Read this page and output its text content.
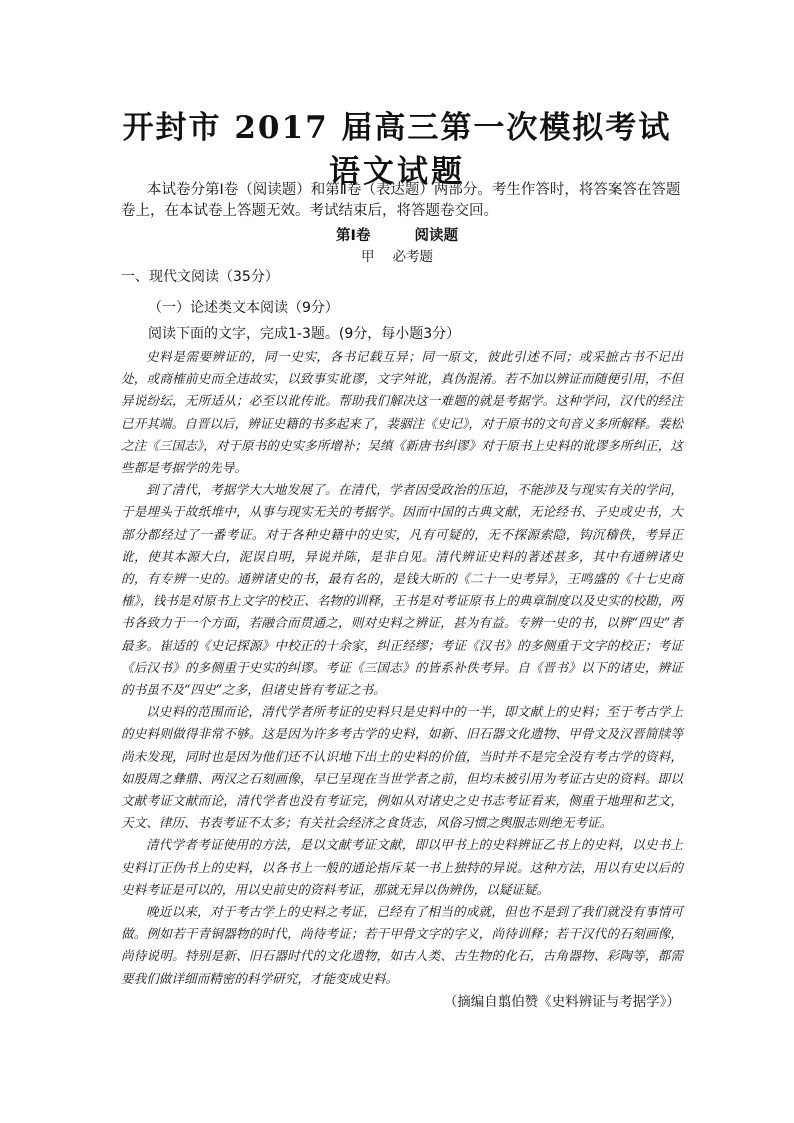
开封市 2017 届高三第一次模拟考试
语文试题
本试卷分第Ⅰ卷（阅读题）和第Ⅱ卷（表达题）两部分。考生作答时，将答案答在答题卷上，在本试卷上答题无效。考试结束后，将答题卷交回。
第Ⅰ卷	阅读题
甲 必考题
一、现代文阅读（35分）
（一）论述类文本阅读（9分）
阅读下面的文字，完成1-3题。(9分，每小题3分）

史料是需要辨证的，同一史实，各书记载互异；同一原文，彼此引述不同；或采摭古书不记出处，或商榷前史而全违故实，以致事实讹谬，文字舛讹，真伪混淆。若不加以辨证而随便引用，不但异说纷纭，无所适从；必至以讹传讹。帮助我们解决这一难题的就是考据学。这种学问，汉代的经注已开其端。自晋以后，辨证史籍的书多起来了，裴骃注《史记》，对于原书的文句音义多所解释。裴松之注《三国志》，对于原书的史实多所增补；吴缜《新唐书纠谬》对于原书上史料的讹谬多所纠正，这些都是考据学的先导。

到了清代，考据学大大地发展了。在清代，学者因受政治的压迫，不能涉及与现实有关的学问，于是埋头于故纸堆中，从事与现实无关的考据学。因而中国的古典文献，无论经书、子史或史书，大部分都经过了一番考证。对于各种史籍中的史实，凡有可疑的，无不探源索隐，钩沉稽佚，考异正讹，使其本源大白，泥误自明，异说并陈，是非自见。清代辨证史料的著述甚多，其中有通辨诸史的，有专辨一史的。通辨诸史的书，最有名的，是钱大昕的《二十一史考异》，王鸣盛的《十七史商榷》，钱书是对原书上文字的校正、名物的训释，王书是对考证原书上的典章制度以及史实的校勘，两书各致力于一个方面，若融合而贯通之，则对史料之辨证，甚为有益。专辨一史的书，以辨“四史”者最多。崔适的《史记探源》中校正的十余家，纠正经缪；考证《汉书》的多侧重于文字的校正；考证《后汉书》的多侧重于史实的纠谬。考证《三国志》的皆系补佚考异。自《晋书》以下的诸史，辨证的书虽不及“四史”之多，但诸史皆有考证之书。

以史料的范围而论，清代学者所考证的史料只是史料中的一半，即文献上的史料；至于考古学上的史料则做得非常不够。这是因为许多考古学的史料，如新、旧石器文化遗物、甲骨文及汉晋简牍等尚未发现，同时也是因为他们还不认识地下出土的史料的价值，当时并不是完全没有考古学的资料，如殷周之彝鼎、两汉之石刻画像，早已呈现在当世学者之前，但均未被引用为考证古史的资料。即以文献考证文献而论，清代学者也没有考证完，例如从对诸史之史书志考证看来，侧重于地理和艺文，天文、律历、书表考证不太多；有关社会经济之食货志，风俗习惯之舆服志则绝无考证。

清代学者考证使用的方法，是以文献考证文献，即以甲书上的史料辨证乙书上的史料，以史书上史料订正伪书上的史料，以各书上一般的通论指斥某一书上独特的异说。这种方法，用以有史以后的史料考证是可以的，用以史前史的资料考证，那就无异以伪辨伪，以疑证疑。

晚近以来，对于考古学上的史料之考证，已经有了相当的成就，但也不是到了我们就没有事情可做。例如若干青铜器物的时代，尚待考证；若干甲骨文字的字义，尚待训释；若干汉代的石刻画像，尚待说明。特别是新、旧石器时代的文化遗物，如古人类、古生物的化石，古角器物、彩陶等，都需要我们做详细而精密的科学研究，才能变成史料。

（摘编自翦伯赞《史料辨证与考据学》）
